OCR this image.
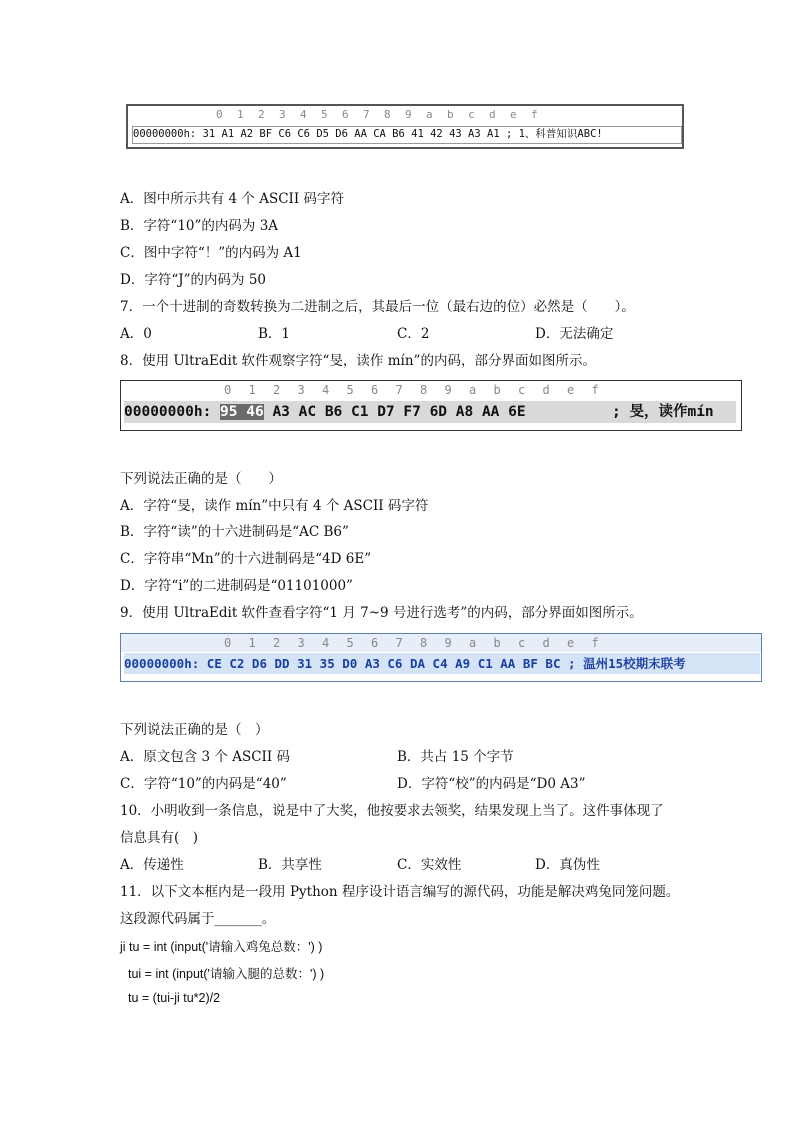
0 1 2 3 4 5 6 7 8 9 a b c d e f
00000000h: 31 A1 A2 BF C6 C6 D5 D6 AA CA B6 41 42 43 A3 A1 ; 1、科普知识ABC!
A．图中所示共有 4 个 ASCII 码字符
B．字符“10”的内码为 3A
C．图中字符“！”的内码为 A1
D．字符“J”的内码为 50
7．一个十进制的奇数转换为二进制之后，其最后一位（最右边的位）必然是（　　）。
A．0	B．1	C．2	D．无法确定
8．使用 UltraEdit 软件观察字符“旻，读作 mín”的内码，部分界面如图所示。
0 1 2 3 4 5 6 7 8 9 a b c d e f
00000000h: 95 46 A3 AC B6 C1 D7 F7 6D A8 AA 6E	; 旻，读作mín
下列说法正确的是（　　）
A．字符“旻，读作 mín”中只有 4 个 ASCII 码字符
B．字符“读”的十六进制码是“AC B6”
C．字符串“Mn”的十六进制码是“4D 6E”
D．字符“i”的二进制码是“01101000”
9．使用 UltraEdit 软件查看字符“1 月 7~9 号进行选考”的内码，部分界面如图所示。
0 1 2 3 4 5 6 7 8 9 a b c d e f
00000000h: CE C2 D6 DD 31 35 D0 A3 C6 DA C4 A9 C1 AA BF BC ; 温州15校期末联考
下列说法正确的是（　）
A．原文包含 3 个 ASCII 码	B．共占 15 个字节
C．字符“10”的内码是“40”	D．字符“校”的内码是“D0 A3”
10．小明收到一条信息，说是中了大奖，他按要求去领奖，结果发现上当了。这件事体现了
信息具有(　)
A．传递性	B．共享性	C．实效性	D．真伪性
11．以下文本框内是一段用 Python 程序设计语言编写的源代码，功能是解决鸡兔同笼问题。
这段源代码属于_______。
ji tu = int (input('请输入鸡兔总数：') )
tui = int (input('请输入腿的总数：') )
tu = (tui-ji tu*2)/2
